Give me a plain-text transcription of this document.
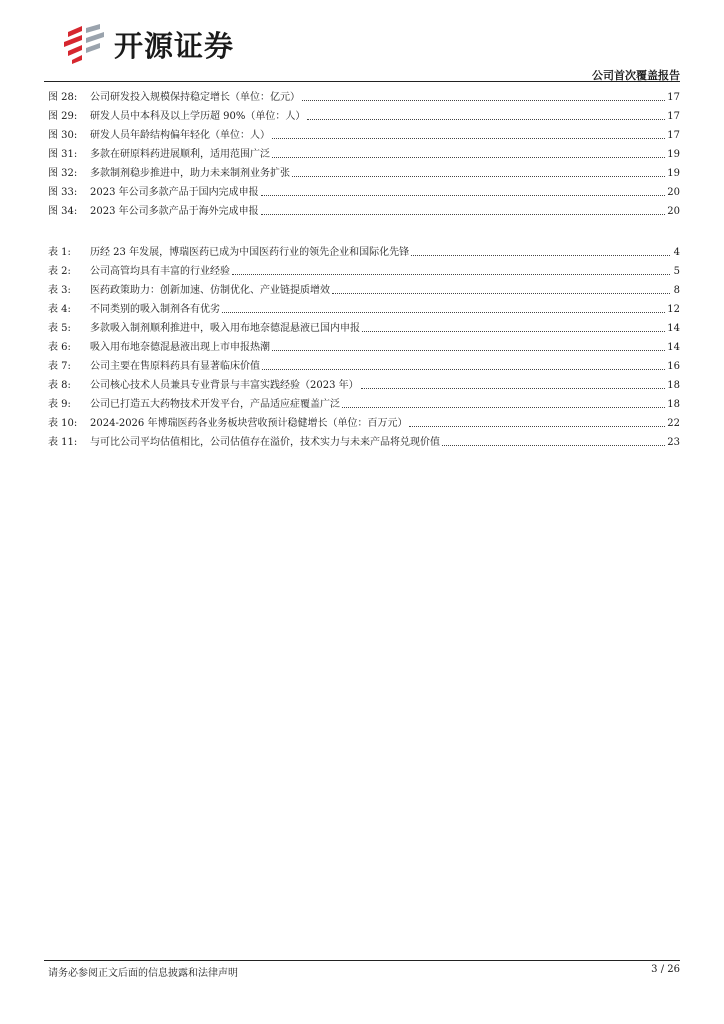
开源证券
公司首次覆盖报告
图 28:	公司研发投入规模保持稳定增长（单位：亿元）	17
图 29:	研发人员中本科及以上学历超 90%（单位：人）	17
图 30:	研发人员年龄结构偏年轻化（单位：人）	17
图 31:	多款在研原料药进展顺利，适用范围广泛	19
图 32:	多款制剂稳步推进中，助力未来制剂业务扩张	19
图 33:	2023 年公司多款产品于国内完成申报	20
图 34:	2023 年公司多款产品于海外完成申报	20
表 1:	历经 23 年发展，博瑞医药已成为中国医药行业的领先企业和国际化先锋	4
表 2:	公司高管均具有丰富的行业经验	5
表 3:	医药政策助力：创新加速、仿制优化、产业链提质增效	8
表 4:	不同类别的吸入制剂各有优劣	12
表 5:	多款吸入制剂顺利推进中，吸入用布地奈德混悬液已国内申报	14
表 6:	吸入用布地奈德混悬液出现上市申报热潮	14
表 7:	公司主要在售原料药具有显著临床价值	16
表 8:	公司核心技术人员兼具专业背景与丰富实践经验（2023 年）	18
表 9:	公司已打造五大药物技术开发平台，产品适应症覆盖广泛	18
表 10:	2024-2026 年博瑞医药各业务板块营收预计稳健增长（单位：百万元）	22
表 11:	与可比公司平均估值相比，公司估值存在溢价，技术实力与未来产品将兑现价值	23
请务必参阅正文后面的信息披露和法律声明	3 / 26
